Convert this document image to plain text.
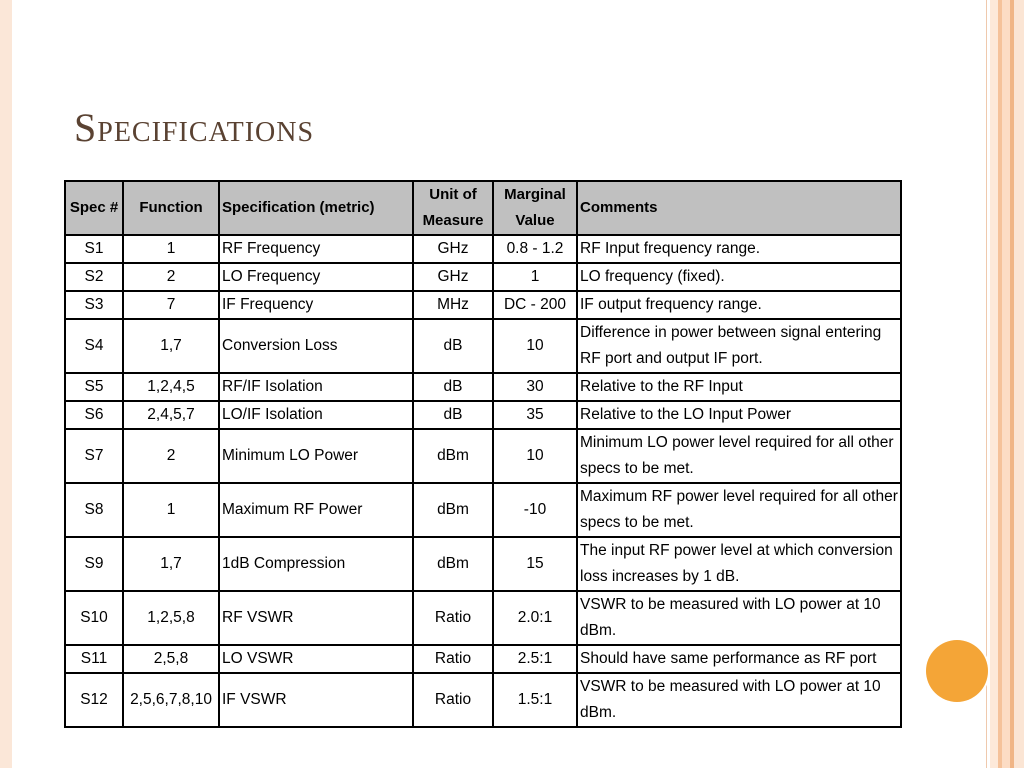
Specifications
Spec #	Function	Specification (metric)	Unit of Measure	Marginal Value	Comments
S1	1	RF Frequency	GHz	0.8 - 1.2	RF Input frequency range.
S2	2	LO Frequency	GHz	1	LO frequency (fixed).
S3	7	IF Frequency	MHz	DC - 200	IF output frequency range.
S4	1,7	Conversion Loss	dB	10	Difference in power between signal entering RF port and output IF port.
S5	1,2,4,5	RF/IF Isolation	dB	30	Relative to the RF Input
S6	2,4,5,7	LO/IF Isolation	dB	35	Relative to the LO Input Power
S7	2	Minimum LO Power	dBm	10	Minimum LO power level required for all other specs to be met.
S8	1	Maximum RF Power	dBm	-10	Maximum RF power level required for all other specs to be met.
S9	1,7	1dB Compression	dBm	15	The input RF power level at which conversion loss increases by 1 dB.
S10	1,2,5,8	RF VSWR	Ratio	2.0:1	VSWR to be measured with LO power at 10 dBm.
S11	2,5,8	LO VSWR	Ratio	2.5:1	Should have same performance as RF port
S12	2,5,6,7,8,10	IF VSWR	Ratio	1.5:1	VSWR to be measured with LO power at 10 dBm.
